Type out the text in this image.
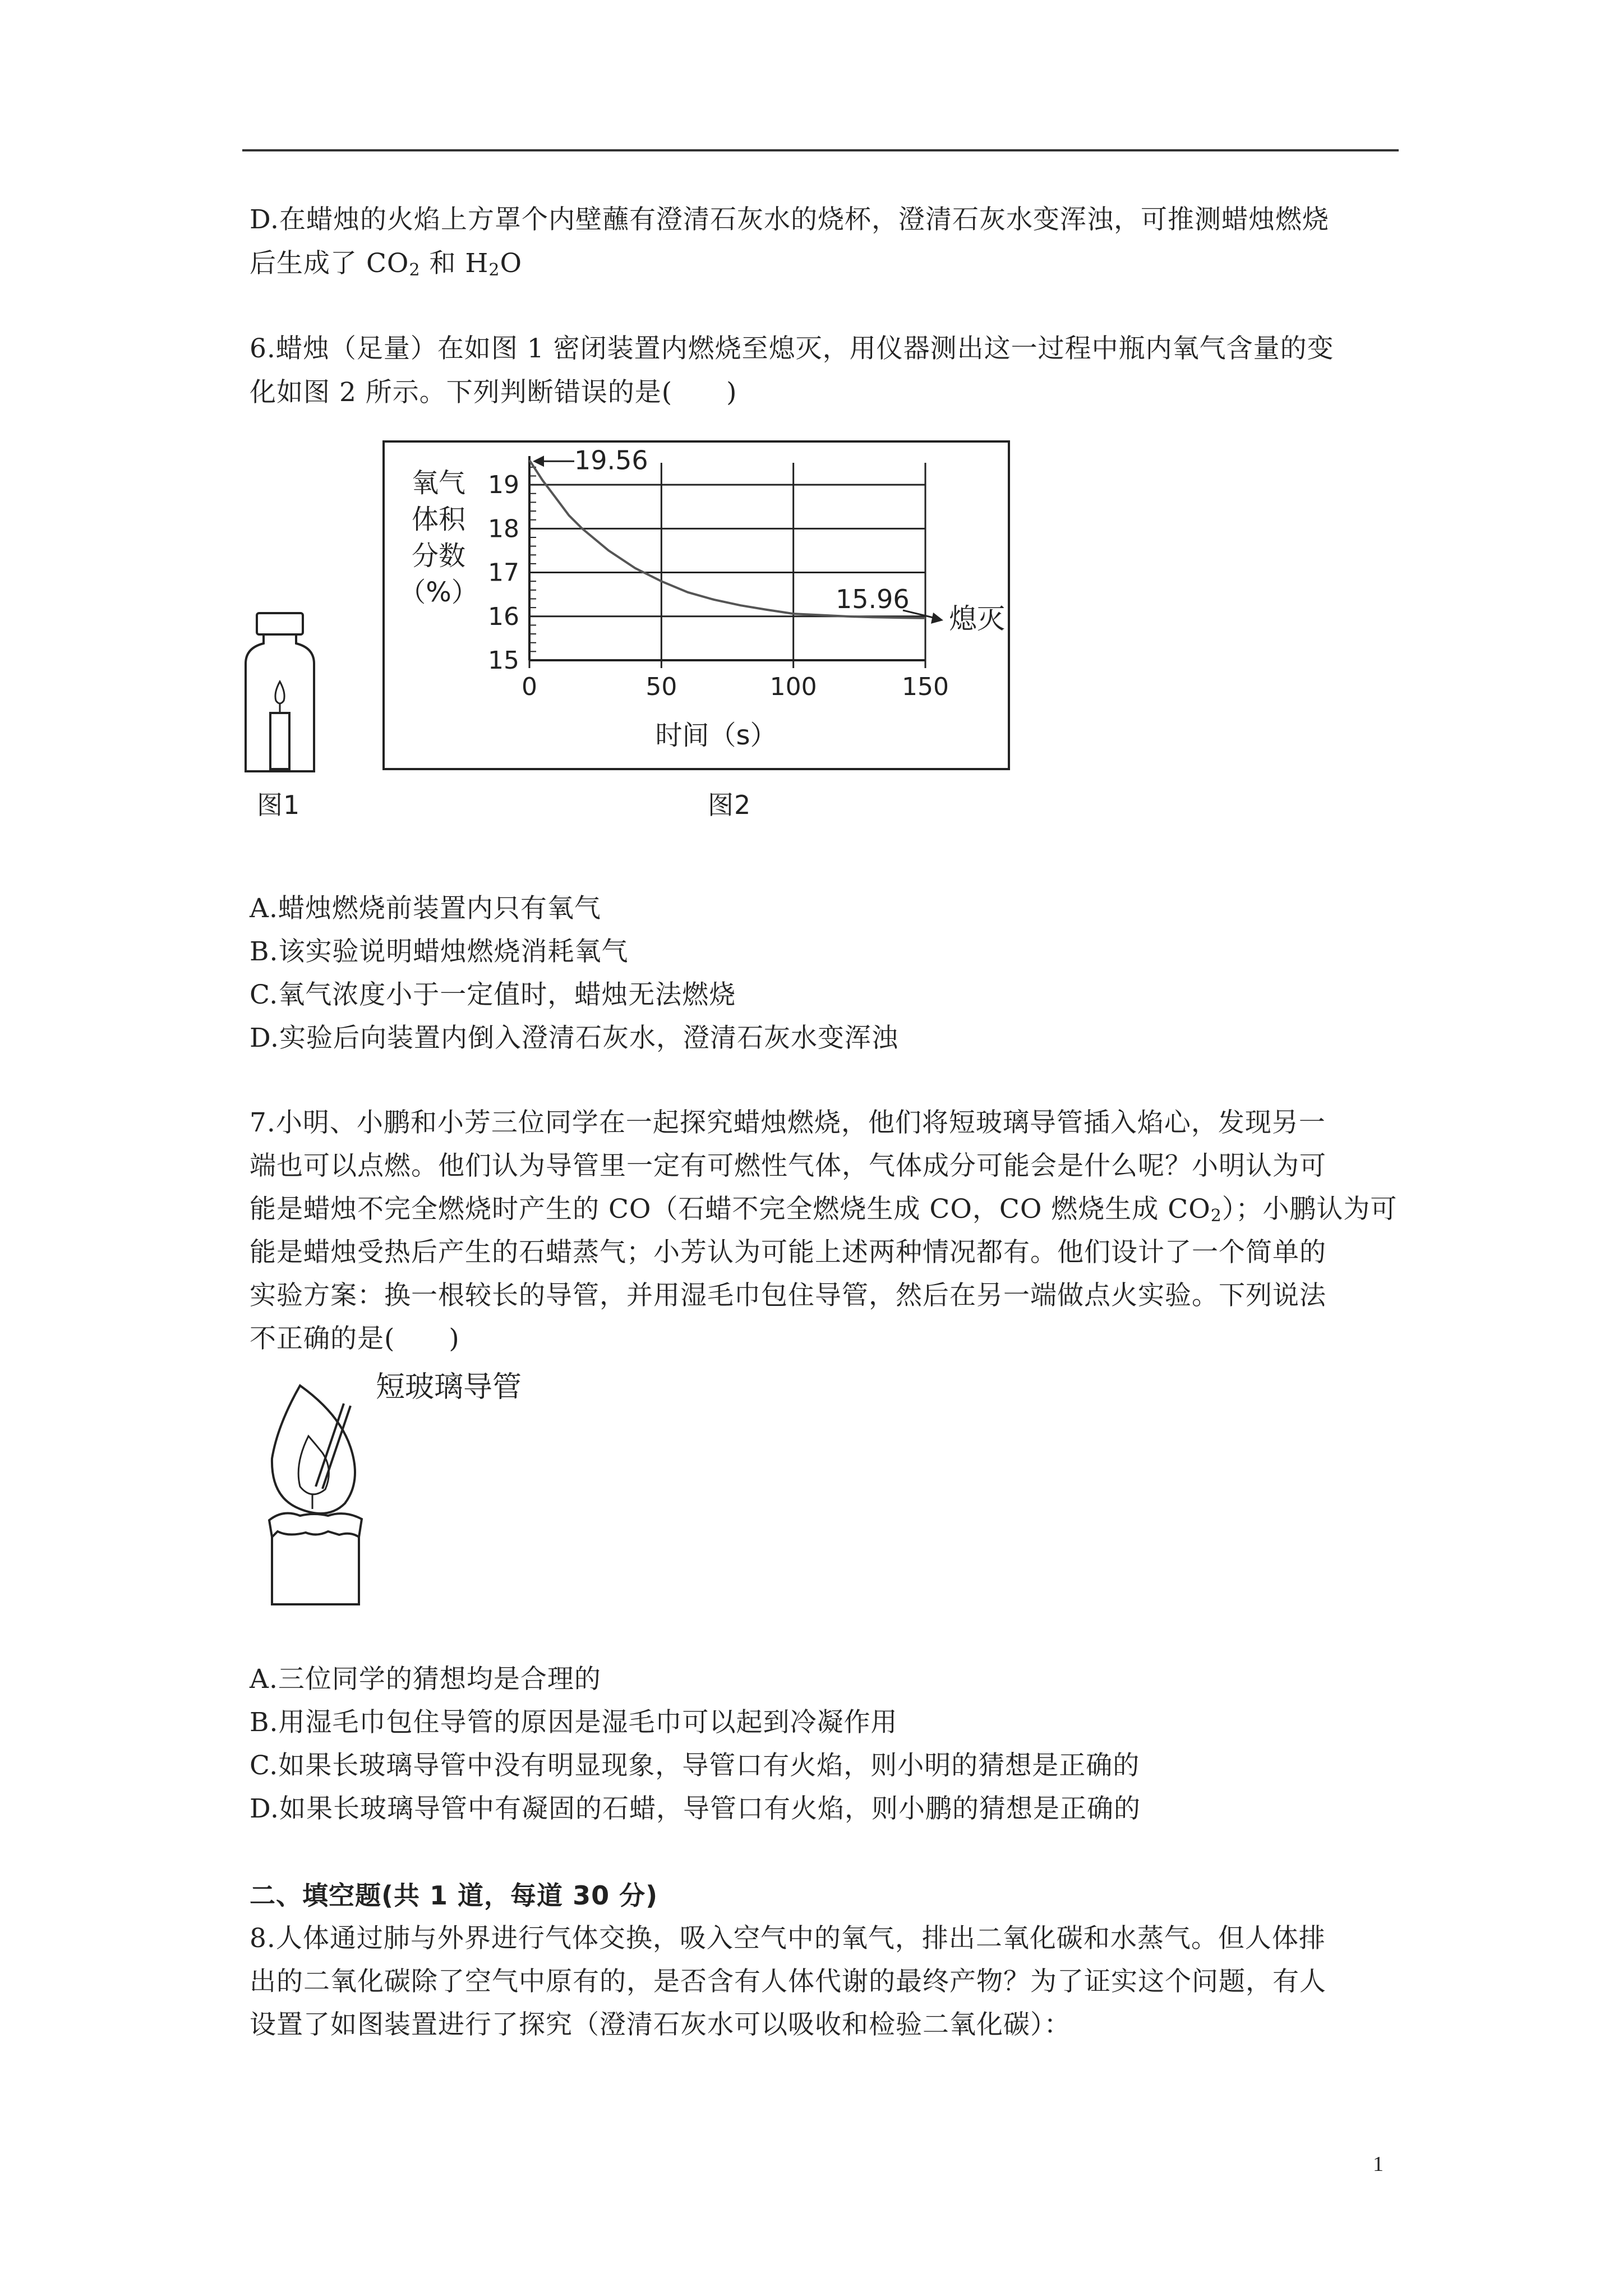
D.在蜡烛的火焰上方罩个内壁蘸有澄清石灰水的烧杯，澄清石灰水变浑浊，可推测蜡烛燃烧
后生成了 $CO_2$ 和 $H_2O$
6.蜡烛（足量）在如图 1 密闭装置内燃烧至熄灭，用仪器测出这一过程中瓶内氧气含量的变
化如图 2 所示。下列判断错误的是(　　)
图1
15
16
17
18
19
0	50	100	150
氧气
体积
分数
（%）
时间（s）
19.56
15.96
熄灭
图2
A.蜡烛燃烧前装置内只有氧气
B.该实验说明蜡烛燃烧消耗氧气
C.氧气浓度小于一定值时，蜡烛无法燃烧
D.实验后向装置内倒入澄清石灰水，澄清石灰水变浑浊
7.小明、小鹏和小芳三位同学在一起探究蜡烛燃烧，他们将短玻璃导管插入焰心，发现另一
端也可以点燃。他们认为导管里一定有可燃性气体，气体成分可能会是什么呢？小明认为可
能是蜡烛不完全燃烧时产生的 CO（石蜡不完全燃烧生成 CO，CO 燃烧生成 $CO_2$）；小鹏认为可
能是蜡烛受热后产生的石蜡蒸气；小芳认为可能上述两种情况都有。他们设计了一个简单的
实验方案：换一根较长的导管，并用湿毛巾包住导管，然后在另一端做点火实验。下列说法
不正确的是(　　)
短玻璃导管
A.三位同学的猜想均是合理的
B.用湿毛巾包住导管的原因是湿毛巾可以起到冷凝作用
C.如果长玻璃导管中没有明显现象，导管口有火焰，则小明的猜想是正确的
D.如果长玻璃导管中有凝固的石蜡，导管口有火焰，则小鹏的猜想是正确的
二、填空题(共 1 道，每道 30 分)
8.人体通过肺与外界进行气体交换，吸入空气中的氧气，排出二氧化碳和水蒸气。但人体排
出的二氧化碳除了空气中原有的，是否含有人体代谢的最终产物？为了证实这个问题，有人
设置了如图装置进行了探究（澄清石灰水可以吸收和检验二氧化碳）：
1
